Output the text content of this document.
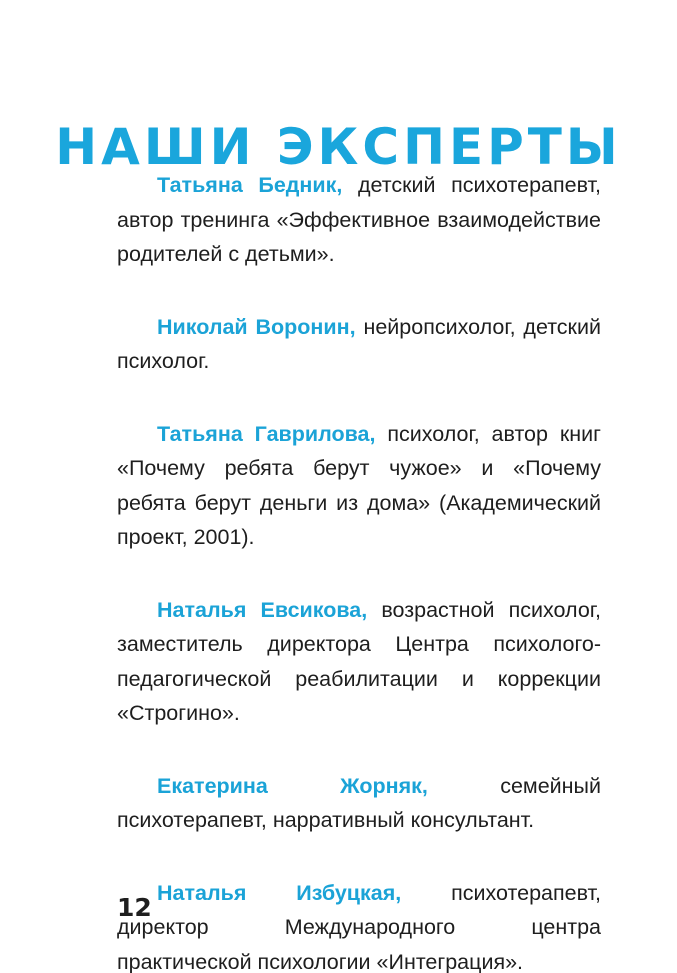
НАШИ ЭКСПЕРТЫ

Татьяна Бедник, детский психотерапевт, автор тренинга «Эффективное взаимодействие родителей с детьми».

Николай Воронин, нейропсихолог, детский психолог.

Татьяна Гаврилова, психолог, автор книг «Почему ребята берут чужое» и «Почему ребята берут деньги из дома» (Академический проект, 2001).

Наталья Евсикова, возрастной психолог, заместитель директора Центра психолого-педагогической реабилитации и коррекции «Строгино».

Екатерина Жорняк,	семейный психотерапевт, нарративный консультант.

Наталья Избуцкая, психотерапевт, директор Международного центра практической психологии «Интеграция».

12
